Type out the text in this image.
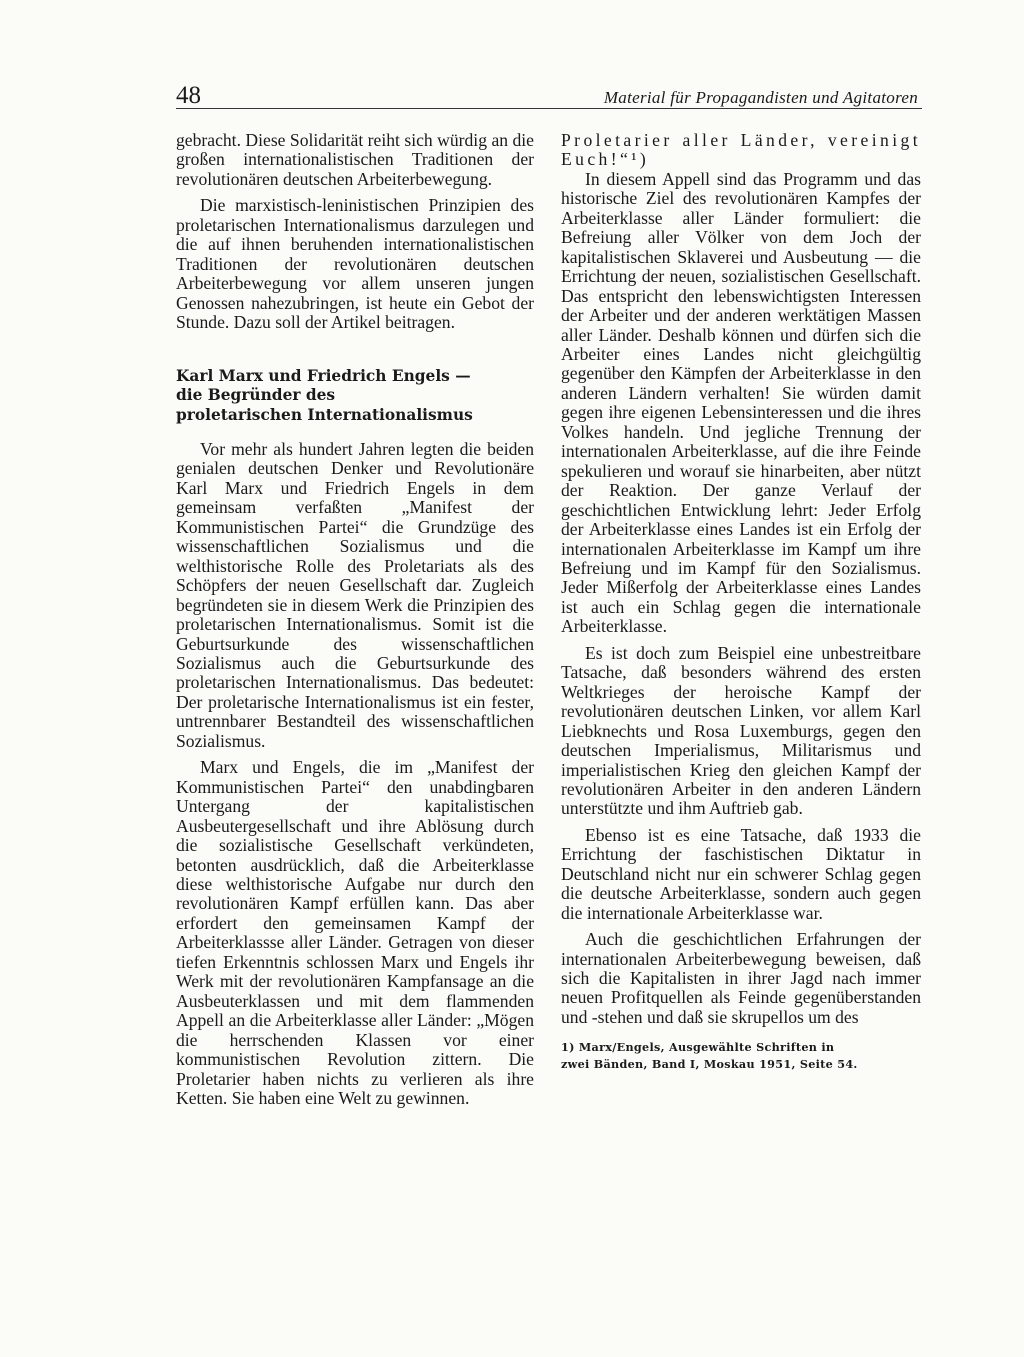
48	Material für Propagandisten und Agitatoren

gebracht. Diese Solidarität reiht sich würdig an die großen internationalistischen Traditionen der revolutionären deutschen Arbeiterbewegung.

Die marxistisch-leninistischen Prinzipien des proletarischen Internationalismus darzulegen und die auf ihnen beruhenden internationalistischen Traditionen der revolutionären deutschen Arbeiterbewegung vor allem unseren jungen Genossen nahezubringen, ist heute ein Gebot der Stunde. Dazu soll der Artikel beitragen.

Karl Marx und Friedrich Engels —
die Begründer des
proletarischen Internationalismus

Vor mehr als hundert Jahren legten die beiden genialen deutschen Denker und Revolutionäre Karl Marx und Friedrich Engels in dem gemeinsam verfaßten „Manifest der Kommunistischen Partei“ die Grundzüge des wissenschaftlichen Sozialismus und die welthistorische Rolle des Proletariats als des Schöpfers der neuen Gesellschaft dar. Zugleich begründeten sie in diesem Werk die Prinzipien des proletarischen Internationalismus. Somit ist die Geburtsurkunde des wissenschaftlichen Sozialismus auch die Geburtsurkunde des proletarischen Internationalismus. Das bedeutet: Der proletarische Internationalismus ist ein fester, untrennbarer Bestandteil des wissenschaftlichen Sozialismus.

Marx und Engels, die im „Manifest der Kommunistischen Partei“ den unabdingbaren Untergang der kapitalistischen Ausbeutergesellschaft und ihre Ablösung durch die sozialistische Gesellschaft verkündeten, betonten ausdrücklich, daß die Arbeiterklasse diese welthistorische Aufgabe nur durch den revolutionären Kampf erfüllen kann. Das aber erfordert den gemeinsamen Kampf der Arbeiterklassse aller Länder. Getragen von dieser tiefen Erkenntnis schlossen Marx und Engels ihr Werk mit der revolutionären Kampfansage an die Ausbeuterklassen und mit dem flammenden Appell an die Arbeiterklasse aller Länder: „Mögen die herrschenden Klassen vor einer kommunistischen Revolution zittern. Die Proletarier haben nichts zu verlieren als ihre Ketten. Sie haben eine Welt zu gewinnen.

Proletarier aller Länder, vereinigt Euch!“¹)

In diesem Appell sind das Programm und das historische Ziel des revolutionären Kampfes der Arbeiterklasse aller Länder formuliert: die Befreiung aller Völker von dem Joch der kapitalistischen Sklaverei und Ausbeutung — die Errichtung der neuen, sozialistischen Gesellschaft. Das entspricht den lebenswichtigsten Interessen der Arbeiter und der anderen werktätigen Massen aller Länder. Deshalb können und dürfen sich die Arbeiter eines Landes nicht gleichgültig gegenüber den Kämpfen der Arbeiterklasse in den anderen Ländern verhalten! Sie würden damit gegen ihre eigenen Lebensinteressen und die ihres Volkes handeln. Und jegliche Trennung der internationalen Arbeiterklasse, auf die ihre Feinde spekulieren und worauf sie hinarbeiten, aber nützt der Reaktion. Der ganze Verlauf der geschichtlichen Entwicklung lehrt: Jeder Erfolg der Arbeiterklasse eines Landes ist ein Erfolg der internationalen Arbeiterklasse im Kampf um ihre Befreiung und im Kampf für den Sozialismus. Jeder Mißerfolg der Arbeiterklasse eines Landes ist auch ein Schlag gegen die internationale Arbeiterklasse.

Es ist doch zum Beispiel eine unbestreitbare Tatsache, daß besonders während des ersten Weltkrieges der heroische Kampf der revolutionären deutschen Linken, vor allem Karl Liebknechts und Rosa Luxemburgs, gegen den deutschen Imperialismus, Militarismus und imperialistischen Krieg den gleichen Kampf der revolutionären Arbeiter in den anderen Ländern unterstützte und ihm Auftrieb gab.

Ebenso ist es eine Tatsache, daß 1933 die Errichtung der faschistischen Diktatur in Deutschland nicht nur ein schwerer Schlag gegen die deutsche Arbeiterklasse, sondern auch gegen die internationale Arbeiterklasse war.

Auch die geschichtlichen Erfahrungen der internationalen Arbeiterbewegung beweisen, daß sich die Kapitalisten in ihrer Jagd nach immer neuen Profitquellen als Feinde gegenüberstanden und -stehen und daß sie skrupellos um des

1) Marx/Engels, Ausgewählte Schriften in
zwei Bänden, Band I, Moskau 1951, Seite 54.
